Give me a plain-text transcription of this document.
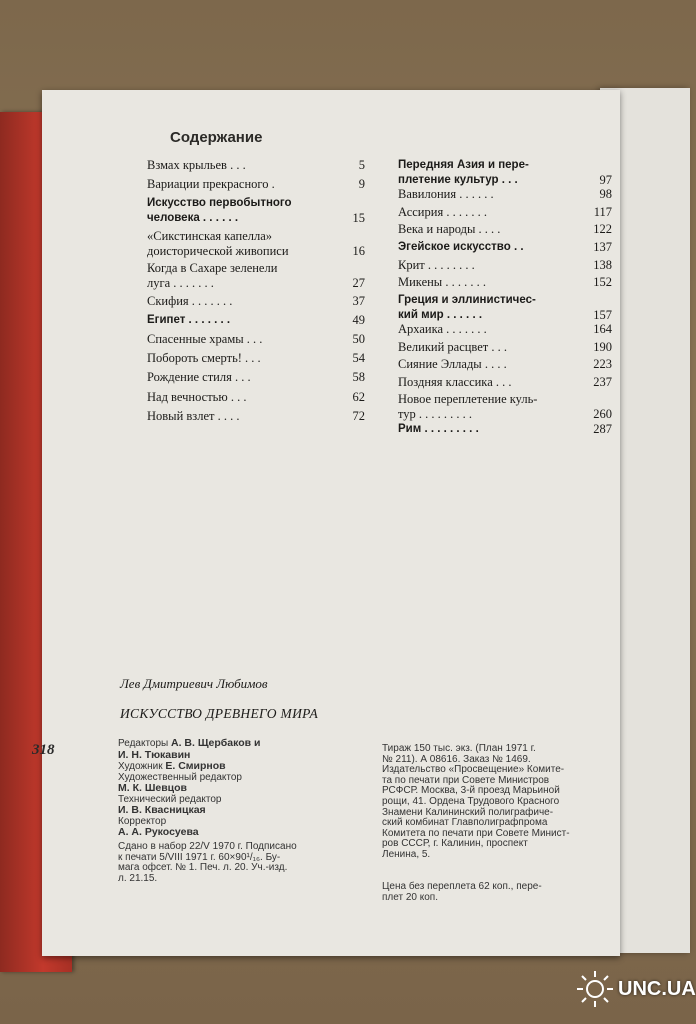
Содержание
Взмах крыльев . . .	5
Вариации прекрасного .	9
Искусство первобытного
человека . . . . . .	15
«Сикстинская капелла»
доисторической живописи	16
Когда в Сахаре зеленели
луга . . . . . . .	27
Скифия . . . . . . .	37
Египет . . . . . . .	49
Спасенные храмы . . .	50
Побороть смерть! . . .	54
Рождение стиля . . .	58
Над вечностью . . .	62
Новый взлет . . . .	72
Передняя Азия и пере-
плетение культур . . .	97
Вавилония . . . . . .	98
Ассирия . . . . . . .	117
Века и народы . . . .	122
Эгейское искусство . .	137
Крит . . . . . . . .	138
Микены . . . . . . .	152
Греция и эллинистичес-
кий мир . . . . . .	157
Архаика . . . . . . .	164
Великий расцвет . . .	190
Сияние Эллады . . . .	223
Поздняя классика . . .	237
Новое переплетение куль-
тур . . . . . . . . .	260
Рим . . . . . . . . .	287
Лев Дмитриевич Любимов
ИСКУССТВО ДРЕВНЕГО МИРА
318	Редакторы А. В. Щербаков и
И. Н. Тюкавин
Художник Е. Смирнов
Художественный редактор
М. К. Шевцов
Технический редактор
И. В. Квасницкая
Корректор
А. А. Рукосуева
Сдано в набор 22/V 1970 г. Подписано
к печати 5/VIII 1971 г. 60×90¹/₁₆. Бу-
мага офсет. № 1. Печ. л. 20. Уч.-изд.
л. 21.15.
Тираж 150 тыс. экз. (План 1971 г.
№ 211). А 08616. Заказ № 1469.
Издательство «Просвещение» Комите-
та по печати при Совете Министров
РСФСР. Москва, 3-й проезд Марьиной
рощи, 41. Ордена Трудового Красного
Знамени Калининский полиграфиче-
ский комбинат Главполиграфпрома
Комитета по печати при Совете Минист-
ров СССР, г. Калинин, проспект
Ленина, 5.
Цена без переплета 62 коп., пере-
плет 20 коп.
UNC.UA
